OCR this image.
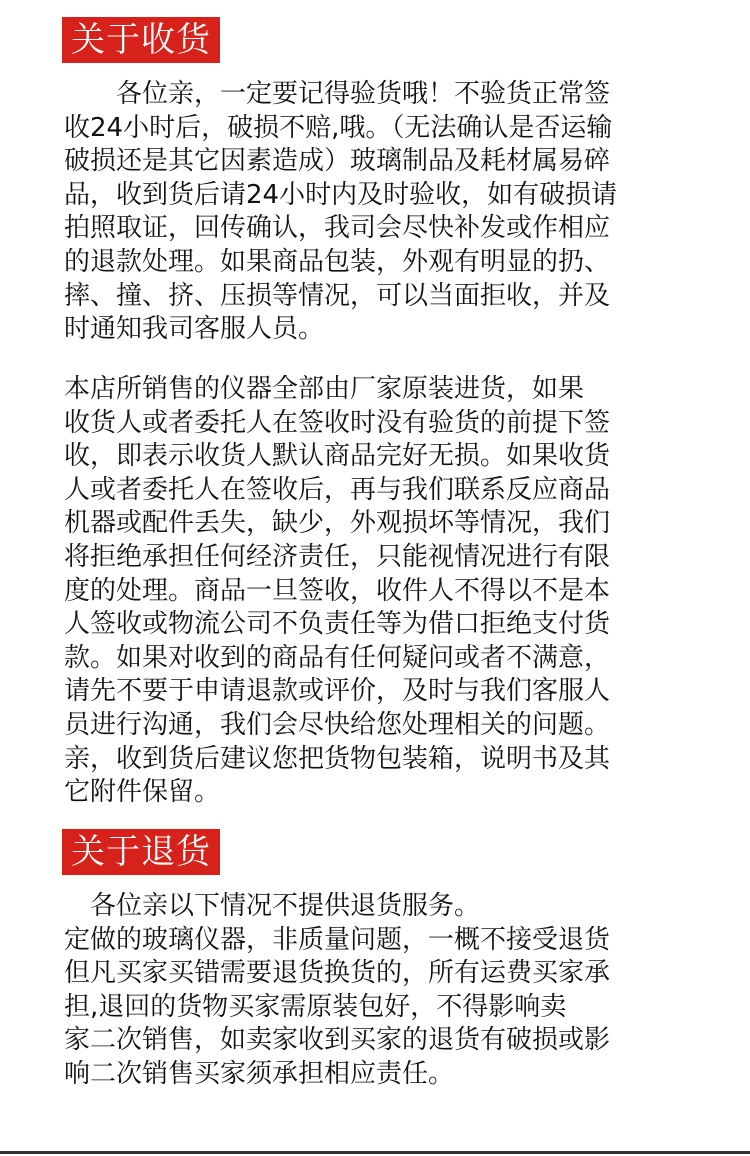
关于收货

　　各位亲，一定要记得验货哦！不验货正常签
收24小时后，破损不赔,哦。（无法确认是否运输
破损还是其它因素造成）玻璃制品及耗材属易碎
品，收到货后请24小时内及时验收，如有破损请
拍照取证，回传确认，我司会尽快补发或作相应
的退款处理。如果商品包装，外观有明显的扔、
摔、撞、挤、压损等情况，可以当面拒收，并及
时通知我司客服人员。

本店所销售的仪器全部由厂家原装进货，如果
收货人或者委托人在签收时没有验货的前提下签
收，即表示收货人默认商品完好无损。如果收货
人或者委托人在签收后，再与我们联系反应商品
机器或配件丢失，缺少，外观损坏等情况，我们
将拒绝承担任何经济责任，只能视情况进行有限
度的处理。商品一旦签收，收件人不得以不是本
人签收或物流公司不负责任等为借口拒绝支付货
款。如果对收到的商品有任何疑问或者不满意，
请先不要于申请退款或评价，及时与我们客服人
员进行沟通，我们会尽快给您处理相关的问题。
亲，收到货后建议您把货物包装箱，说明书及其
它附件保留。

关于退货

　各位亲以下情况不提供退货服务。
定做的玻璃仪器，非质量问题，一概不接受退货
但凡买家买错需要退货换货的，所有运费买家承
担,退回的货物买家需原装包好，不得影响卖
家二次销售，如卖家收到买家的退货有破损或影
响二次销售买家须承担相应责任。
